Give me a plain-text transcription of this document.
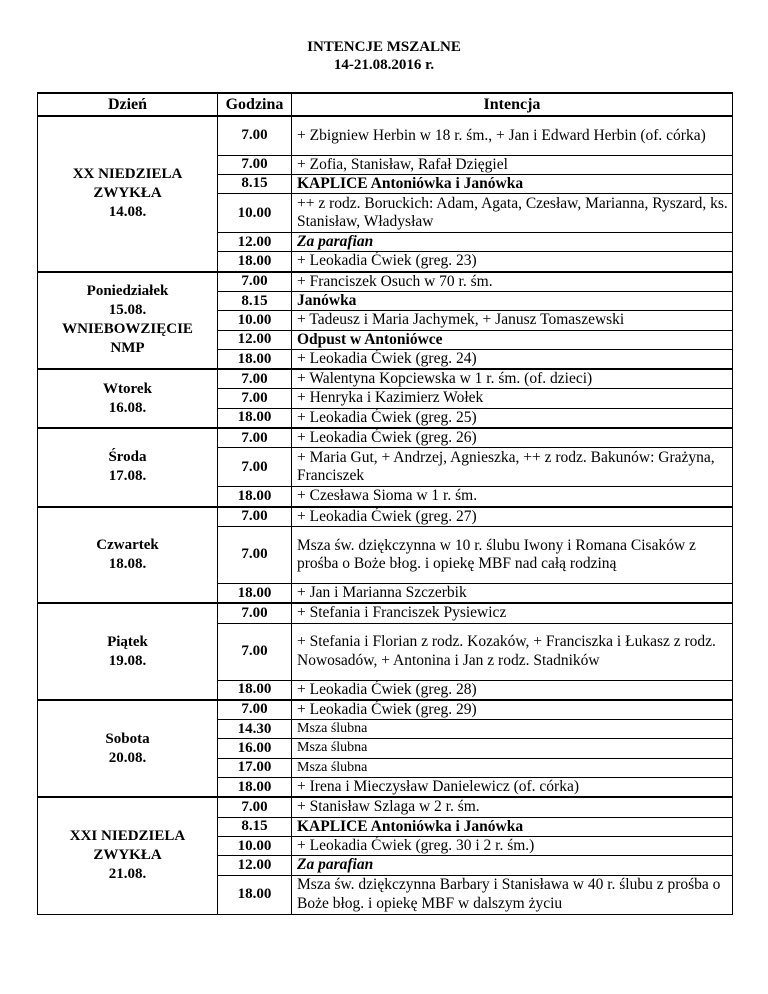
INTENCJE MSZALNE
14-21.08.2016 r.
Dzień	Godzina	Intencja

XX NIEDZIELA
ZWYKŁA
14.08.	7.00	+ Zbigniew Herbin w 18 r. śm., + Jan i Edward Herbin (of. córka)
	7.00	+ Zofia, Stanisław, Rafał Dzięgiel
	8.15	KAPLICE Antoniówka i Janówka
	10.00	++ z rodz. Boruckich: Adam, Agata, Czesław, Marianna, Ryszard, ks. Stanisław, Władysław
	12.00	Za parafian
	18.00	+ Leokadia Ćwiek (greg. 23)

Poniedziałek
15.08.
WNIEBOWZIĘCIE
NMP	7.00	+ Franciszek Osuch w 70 r. śm.
	8.15	Janówka
	10.00	+ Tadeusz i Maria Jachymek, + Janusz Tomaszewski
	12.00	Odpust w Antoniówce
	18.00	+ Leokadia Ćwiek (greg. 24)

Wtorek
16.08.	7.00	+ Walentyna Kopciewska w 1 r. śm. (of. dzieci)
	7.00	+ Henryka i Kazimierz Wołek
	18.00	+ Leokadia Ćwiek (greg. 25)

Środa
17.08.	7.00	+ Leokadia Ćwiek (greg. 26)
	7.00	+ Maria Gut, + Andrzej, Agnieszka, ++ z rodz. Bakunów: Grażyna, Franciszek
	18.00	+ Czesława Sioma w 1 r. śm.

Czwartek
18.08.	7.00	+ Leokadia Ćwiek (greg. 27)
	7.00	Msza św. dziękczynna w 10 r. ślubu Iwony i Romana Cisaków z prośba o Boże błog. i opiekę MBF nad całą rodziną
	18.00	+ Jan i Marianna Szczerbik

Piątek
19.08.	7.00	+ Stefania i Franciszek Pysiewicz
	7.00	+ Stefania i Florian z rodz. Kozaków, + Franciszka i Łukasz z rodz. Nowosadów, + Antonina i Jan z rodz. Stadników
	18.00	+ Leokadia Ćwiek (greg. 28)

Sobota
20.08.	7.00	+ Leokadia Ćwiek (greg. 29)
	14.30	Msza ślubna
	16.00	Msza ślubna
	17.00	Msza ślubna
	18.00	+ Irena i Mieczysław Danielewicz (of. córka)

XXI NIEDZIELA
ZWYKŁA
21.08.	7.00	+ Stanisław Szlaga w 2 r. śm.
	8.15	KAPLICE Antoniówka i Janówka
	10.00	+ Leokadia Ćwiek (greg. 30 i 2 r. śm.)
	12.00	Za parafian
	18.00	Msza św. dziękczynna Barbary i Stanisława w 40 r. ślubu z prośba o Boże błog. i opiekę MBF w dalszym życiu
